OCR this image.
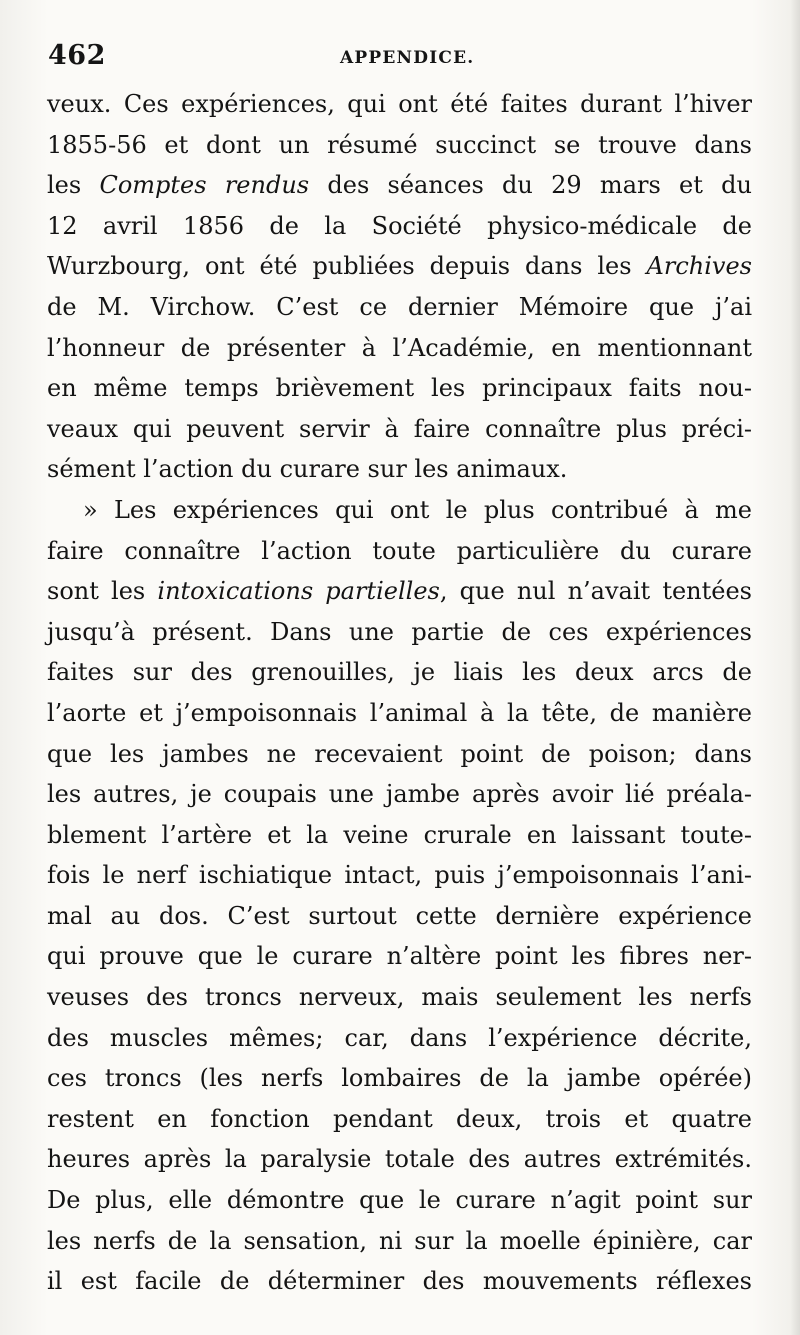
462	APPENDICE.
veux. Ces expériences, qui ont été faites durant l’hiver
1855-56 et dont un résumé succinct se trouve dans
les Comptes rendus des séances du 29 mars et du
12 avril 1856 de la Société physico-médicale de
Wurzbourg, ont été publiées depuis dans les Archives
de M. Virchow. C’est ce dernier Mémoire que j’ai
l’honneur de présenter à l’Académie, en mentionnant
en même temps brièvement les principaux faits nou-
veaux qui peuvent servir à faire connaître plus préci-
sément l’action du curare sur les animaux.
» Les expériences qui ont le plus contribué à me
faire connaître l’action toute particulière du curare
sont les intoxications partielles, que nul n’avait tentées
jusqu’à présent. Dans une partie de ces expériences
faites sur des grenouilles, je liais les deux arcs de
l’aorte et j’empoisonnais l’animal à la tête, de manière
que les jambes ne recevaient point de poison; dans
les autres, je coupais une jambe après avoir lié préala-
blement l’artère et la veine crurale en laissant toute-
fois le nerf ischiatique intact, puis j’empoisonnais l’ani-
mal au dos. C’est surtout cette dernière expérience
qui prouve que le curare n’altère point les fibres ner-
veuses des troncs nerveux, mais seulement les nerfs
des muscles mêmes; car, dans l’expérience décrite,
ces troncs (les nerfs lombaires de la jambe opérée)
restent en fonction pendant deux, trois et quatre
heures après la paralysie totale des autres extrémités.
De plus, elle démontre que le curare n’agit point sur
les nerfs de la sensation, ni sur la moelle épinière, car
il est facile de déterminer des mouvements réflexes
